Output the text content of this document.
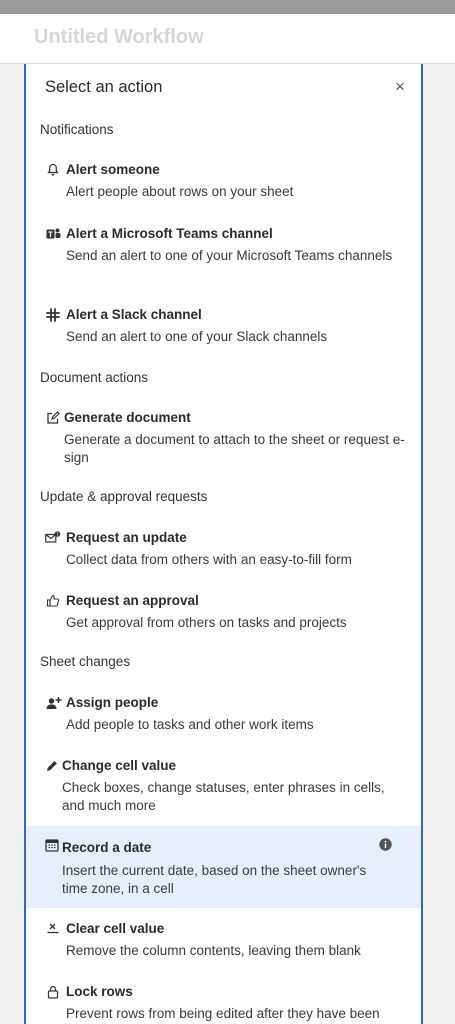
Untitled Workflow
Select an action	×
Notifications
Alert someone
Alert people about rows on your sheet
Alert a Microsoft Teams channel
Send an alert to one of your Microsoft Teams channels
Alert a Slack channel
Send an alert to one of your Slack channels
Document actions
Generate document
Generate a document to attach to the sheet or request e-sign
Update & approval requests
? Request an update
Collect data from others with an easy-to-fill form
Request an approval
Get approval from others on tasks and projects
Sheet changes
Assign people
Add people to tasks and other work items
Change cell value
Check boxes, change statuses, enter phrases in cells, and much more
Record a date
Insert the current date, based on the sheet owner's time zone, in a cell
Clear cell value
Remove the column contents, leaving them blank
Lock rows
Prevent rows from being edited after they have been
